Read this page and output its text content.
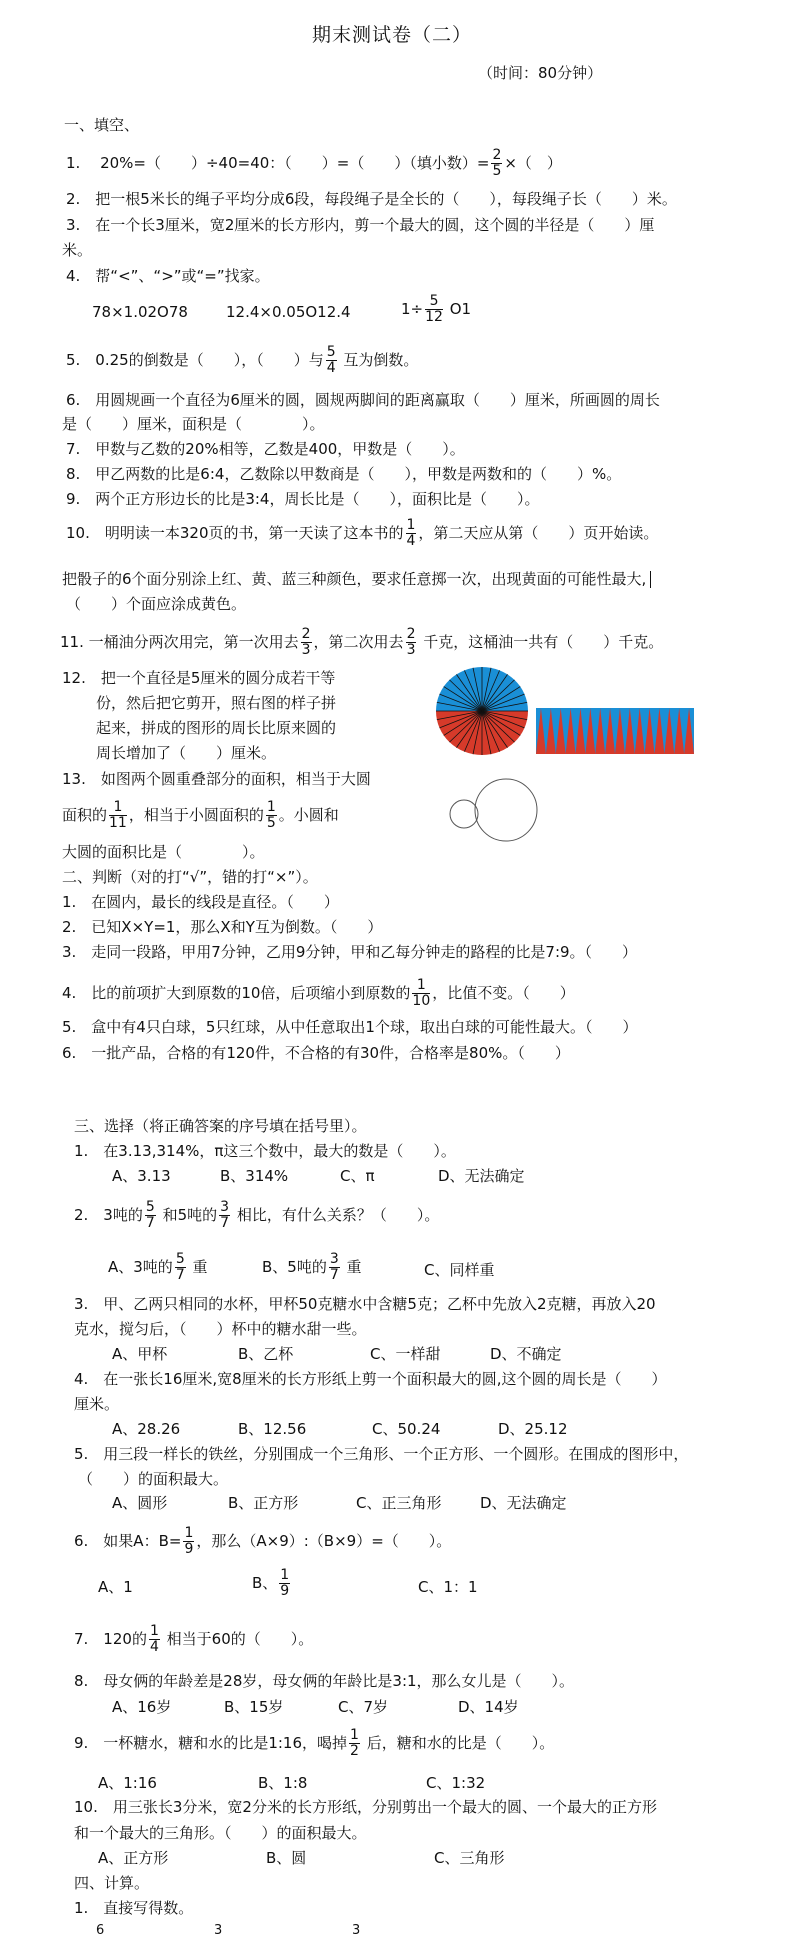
期末测试卷（二）
（时间：80分钟）
一、填空、
1.　 20%=（　　）÷40=40：（　　）=（　　）（填小数）= $\frac{2}{5}$ ×（　）
2.　把一根5米长的绳子平均分成6段，每段绳子是全长的（　　），每段绳子长（　　）米。
3.　在一个长3厘米，宽2厘米的长方形内，剪一个最大的圆，这个圆的半径是（　　）厘
米。
4.　帮“<”、“>”或“=”找家。
78×1.02O78	12.4×0.05O12.4	$1\div \frac{5}{12} O1$
5.　0.25的倒数是（　　），（　　）与 $\frac{5}{4}$ 互为倒数。
6.　用圆规画一个直径为6厘米的圆，圆规两脚间的距离赢取（　　）厘米，所画圆的周长
是（　　）厘米，面积是（　　　　）。
7.　甲数与乙数的20%相等，乙数是400，甲数是（　　）。
8.　甲乙两数的比是6:4，乙数除以甲数商是（　　），甲数是两数和的（　　）%。
9.　两个正方形边长的比是3:4，周长比是（　　），面积比是（　　）。
10.　明明读一本320页的书，第一天读了这本书的 $\frac{1}{4}$ ，第二天应从第（　　）页开始读。
把骰子的6个面分别涂上红、黄、蓝三种颜色，要求任意掷一次，出现黄面的可能性最大,
（　　）个面应涂成黄色。
11. 一桶油分两次用完，第一次用去 $\frac{2}{3}$ ，第二次用去 $\frac{2}{3}$ 千克，这桶油一共有（　　）千克。
12.　把一个直径是5厘米的圆分成若干等
份，然后把它剪开，照右图的样子拼
起来，拼成的图形的周长比原来圆的
周长增加了（　　）厘米。
13.　如图两个圆重叠部分的面积，相当于大圆
面积的 $\frac{1}{11}$ ，相当于小圆面积的 $\frac{1}{5}$ 。小圆和
大圆的面积比是（　　　　）。
二、判断（对的打“√”，错的打“×”）。
1.　在圆内，最长的线段是直径。（　　）
2.　已知X×Y=1，那么X和Y互为倒数。（　　）
3.　走同一段路，甲用7分钟，乙用9分钟，甲和乙每分钟走的路程的比是7:9。（　　）
4.　比的前项扩大到原数的10倍，后项缩小到原数的 $\frac{1}{10}$ ，比值不变。（　　）
5.　盒中有4只白球，5只红球，从中任意取出1个球，取出白球的可能性最大。（　　）
6.　一批产品，合格的有120件，不合格的有30件，合格率是80%。（　　）
三、选择（将正确答案的序号填在括号里）。
1.　在3.13,314%，π这三个数中，最大的数是（　　）。
A、3.13	B、314%	C、π	D、无法确定
2.　3吨的 $\frac{5}{7}$ 和5吨的 $\frac{3}{7}$ 相比，有什么关系？（　　）。
A、3吨的 $\frac{5}{7}$ 重	B、5吨的 $\frac{3}{7}$ 重	C、同样重
3.　甲、乙两只相同的水杯，甲杯50克糖水中含糖5克；乙杯中先放入2克糖，再放入20
克水，搅匀后，（　　）杯中的糖水甜一些。
A、甲杯	B、乙杯	C、一样甜	D、不确定
4.　在一张长16厘米,宽8厘米的长方形纸上剪一个面积最大的圆,这个圆的周长是（　　）
厘米。
A、28.26	B、12.56	C、50.24	D、25.12
5.　用三段一样长的铁丝，分别围成一个三角形、一个正方形、一个圆形。在围成的图形中，
（　　）的面积最大。
A、圆形	B、正方形	C、正三角形	D、无法确定
6.　如果A：$B= \frac{1}{9}$ ，那么（A×9）:（B×9）=（　　）。
A、1	B、 $\frac{1}{9}$	C、1：1
7.　120的 $\frac{1}{4}$ 相当于60的（　　）。
8.　母女俩的年龄差是28岁，母女俩的年龄比是3:1，那么女儿是（　　）。
A、16岁	B、15岁	C、7岁	D、14岁
9.　一杯糖水，糖和水的比是1:16，喝掉 $\frac{1}{2}$ 后，糖和水的比是（　　）。
A、1:16	B、1:8	C、1:32
10.　用三张长3分米，宽2分米的长方形纸，分别剪出一个最大的圆、一个最大的正方形
和一个最大的三角形。（　　）的面积最大。
A、正方形	B、圆	C、三角形
四、计算。
1.　直接写得数。
6	3	3
